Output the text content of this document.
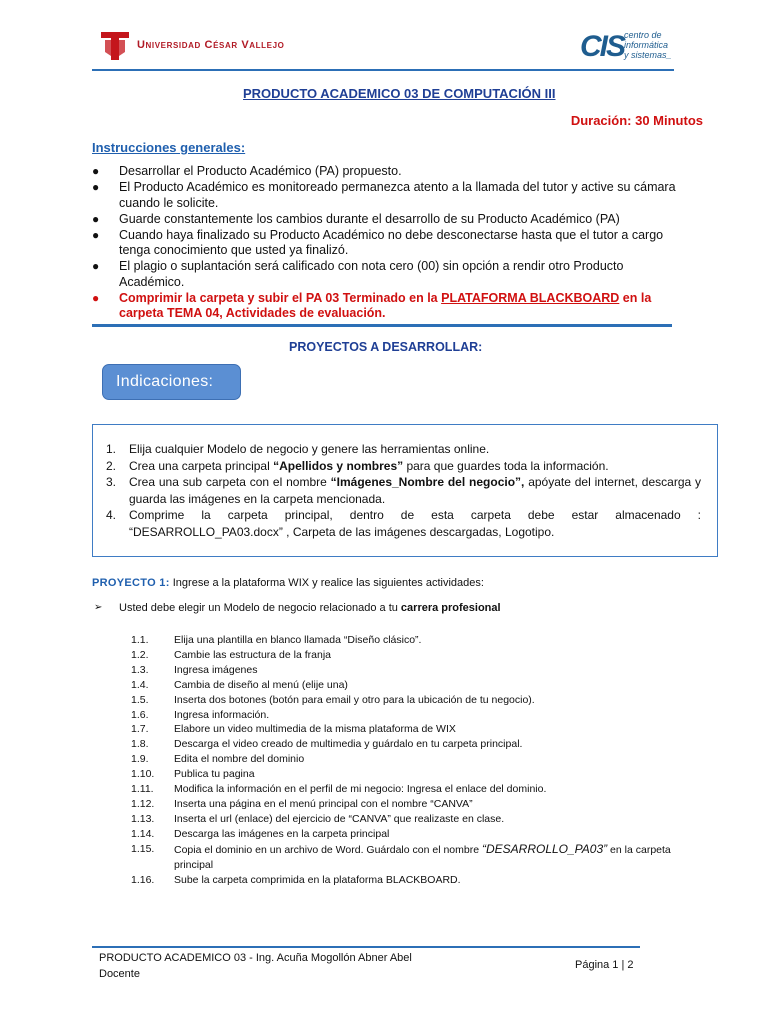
Universidad César Vallejo	CIS centro de
informática
y sistemas_
PRODUCTO ACADEMICO 03 DE COMPUTACIÓN III
Duración: 30 Minutos
Instrucciones generales:
● Desarrollar el Producto Académico (PA) propuesto.
● El Producto Académico es monitoreado permanezca atento a la llamada del tutor y active su cámara cuando le solicite.
● Guarde constantemente los cambios durante el desarrollo de su Producto Académico (PA)
● Cuando haya finalizado su Producto Académico no debe desconectarse hasta que el tutor a cargo tenga conocimiento que usted ya finalizó.
● El plagio o suplantación será calificado con nota cero (00) sin opción a rendir otro Producto Académico.
● Comprimir la carpeta y subir el PA 03 Terminado en la PLATAFORMA BLACKBOARD en la carpeta TEMA 04, Actividades de evaluación.
PROYECTOS A DESARROLLAR:
Indicaciones:
1. Elija cualquier Modelo de negocio y genere las herramientas online.
2. Crea una carpeta principal “Apellidos y nombres” para que guardes toda la información.
3. Crea una sub carpeta con el nombre “Imágenes_Nombre del negocio”, apóyate del internet, descarga y guarda las imágenes en la carpeta mencionada.
4. Comprime la carpeta principal, dentro de esta carpeta debe estar almacenado : “DESARROLLO_PA03.docx” , Carpeta de las imágenes descargadas, Logotipo.
PROYECTO 1: Ingrese a la plataforma WIX y realice las siguientes actividades:
➢ Usted debe elegir un Modelo de negocio relacionado a tu carrera profesional
1.1. Elija una plantilla en blanco llamada “Diseño clásico”.
1.2. Cambie las estructura de la franja
1.3. Ingresa imágenes
1.4. Cambia de diseño al menú (elije una)
1.5. Inserta dos botones (botón para email y otro para la ubicación de tu negocio).
1.6. Ingresa información.
1.7. Elabore un video multimedia de la misma plataforma de WIX
1.8. Descarga el video creado de multimedia y guárdalo en tu carpeta principal.
1.9. Edita el nombre del dominio
1.10. Publica tu pagina
1.11. Modifica la información en el perfil de mi negocio: Ingresa el enlace del dominio.
1.12. Inserta una página en el menú principal con el nombre “CANVA”
1.13. Inserta el url (enlace) del ejercicio de “CANVA” que realizaste en clase.
1.14. Descarga las imágenes en la carpeta principal
1.15. Copia el dominio en un archivo de Word. Guárdalo con el nombre “DESARROLLO_PA03” en la carpeta principal
1.16. Sube la carpeta comprimida en la plataforma BLACKBOARD.
PRODUCTO ACADEMICO 03 - Ing. Acuña Mogollón Abner Abel
Docente
Página 1 | 2
